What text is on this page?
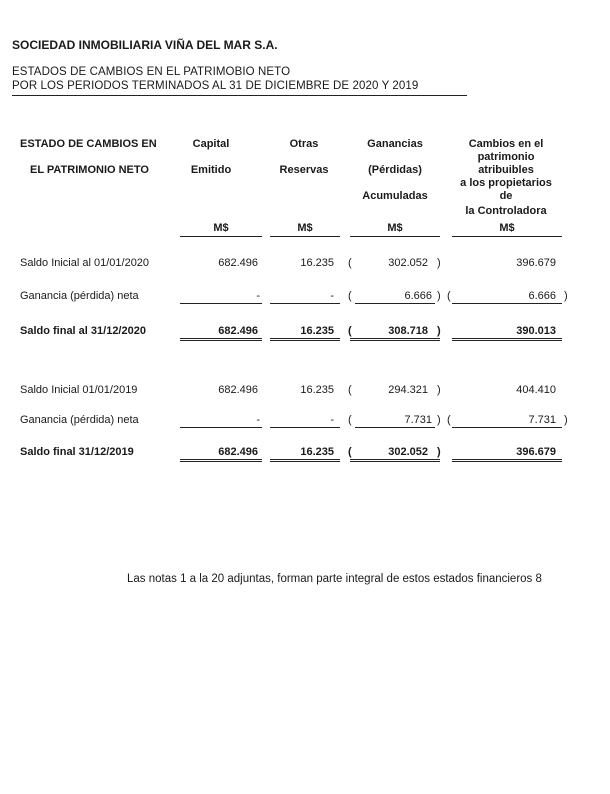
SOCIEDAD INMOBILIARIA VIÑA DEL MAR S.A.
ESTADOS DE CAMBIOS EN EL PATRIMOBIO NETO
POR LOS PERIODOS TERMINADOS AL 31 DE DICIEMBRE DE 2020 Y 2019
ESTADO DE CAMBIOS EN
EL PATRIMONIO NETO
Capital
Emitido
Otras
Reservas
Ganancias
(Pérdidas)
Acumuladas
Cambios en el
patrimonio
atribuibles
a los propietarios
de
la Controladora
M$	M$	M$	M$
Saldo Inicial al 01/01/2020	682.496	16.235 (	302.052 )	396.679
Ganancia (pérdida) neta	-	- (	6.666 ) (	6.666 )
Saldo final al 31/12/2020	682.496	16.235 (	308.718 )	390.013
Saldo Inicial 01/01/2019	682.496	16.235 (	294.321 )	404.410
Ganancia (pérdida) neta	-	- (	7.731 ) (	7.731 )
Saldo final 31/12/2019	682.496	16.235 (	302.052 )	396.679
Las notas 1 a la 20 adjuntas, forman parte integral de estos estados financieros 8
